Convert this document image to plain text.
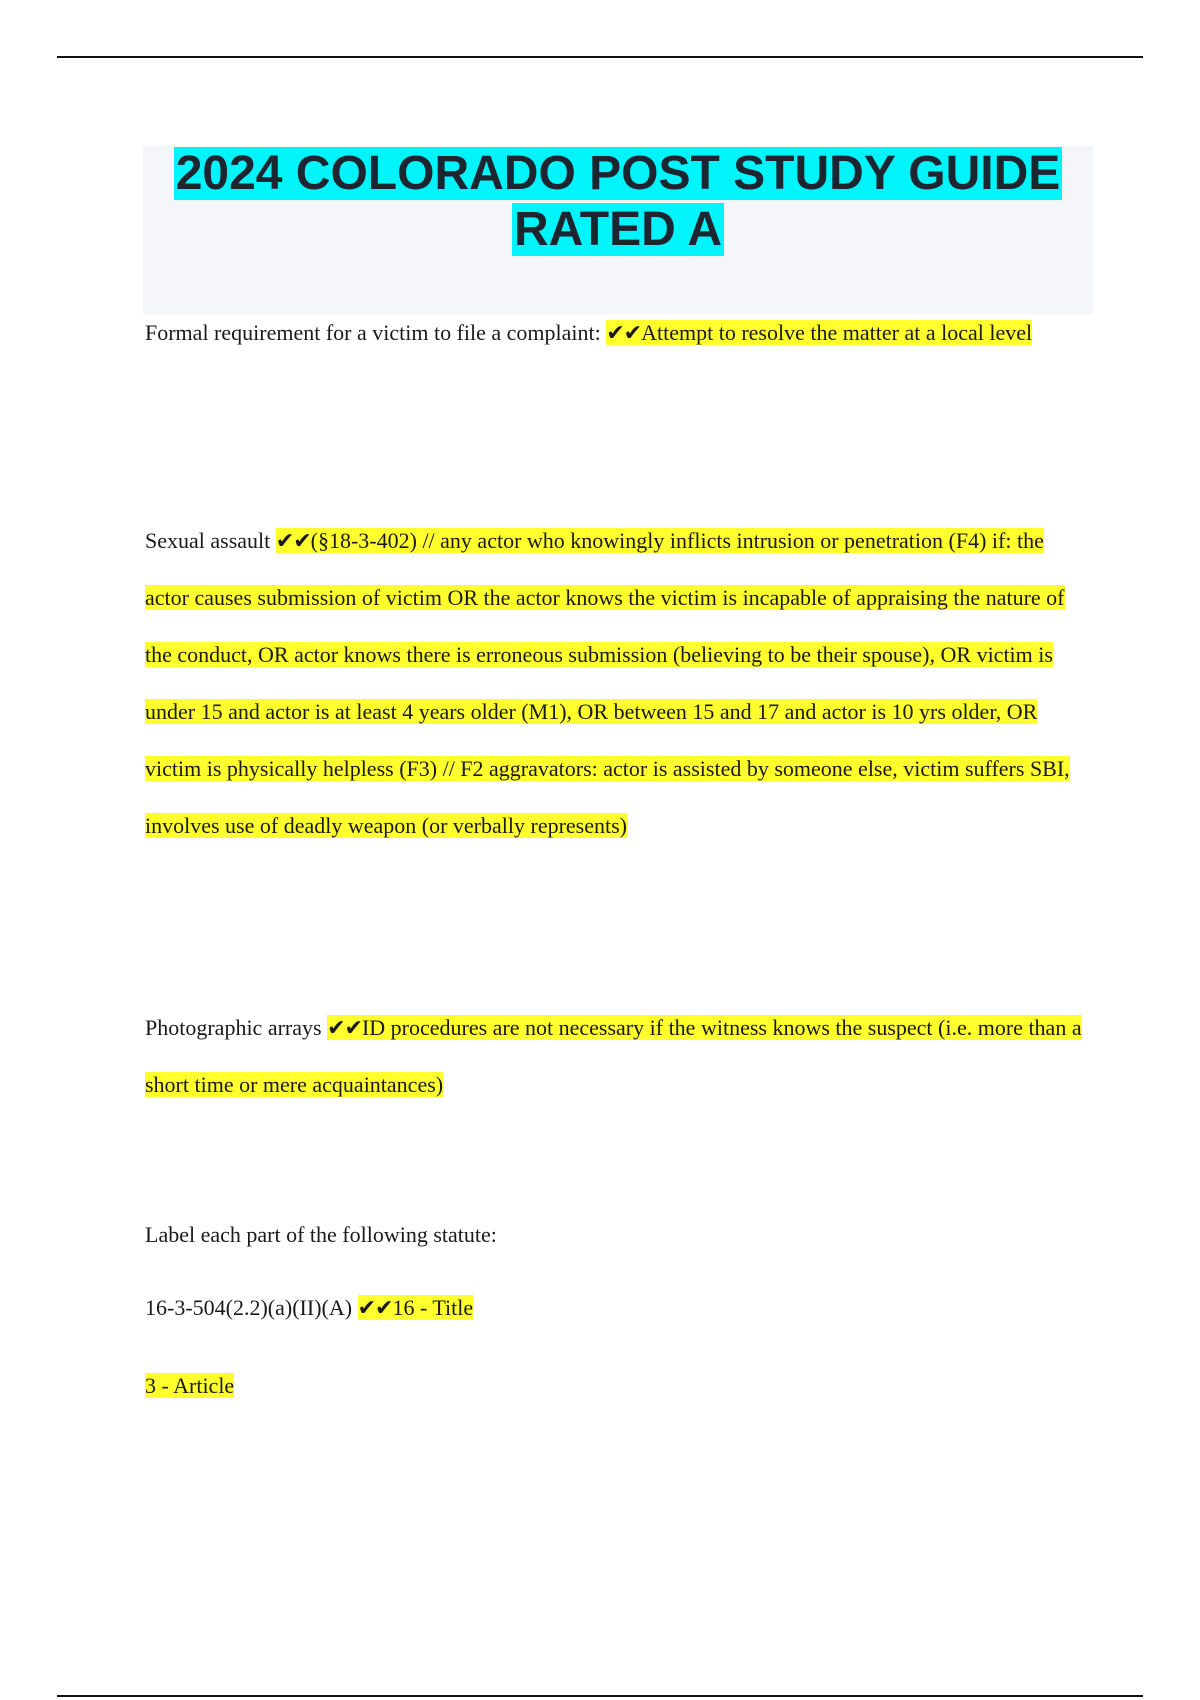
2024 COLORADO POST STUDY GUIDE
RATED A

Formal requirement for a victim to file a complaint: ✔✔Attempt to resolve the matter at a local level

Sexual assault ✔✔(§18-3-402) // any actor who knowingly inflicts intrusion or penetration (F4) if: the actor causes submission of victim OR the actor knows the victim is incapable of appraising the nature of the conduct, OR actor knows there is erroneous submission (believing to be their spouse), OR victim is under 15 and actor is at least 4 years older (M1), OR between 15 and 17 and actor is 10 yrs older, OR victim is physically helpless (F3) // F2 aggravators: actor is assisted by someone else, victim suffers SBI, involves use of deadly weapon (or verbally represents)

Photographic arrays ✔✔ID procedures are not necessary if the witness knows the suspect (i.e. more than a short time or mere acquaintances)

Label each part of the following statute:

16-3-504(2.2)(a)(II)(A) ✔✔16 - Title

3 - Article
